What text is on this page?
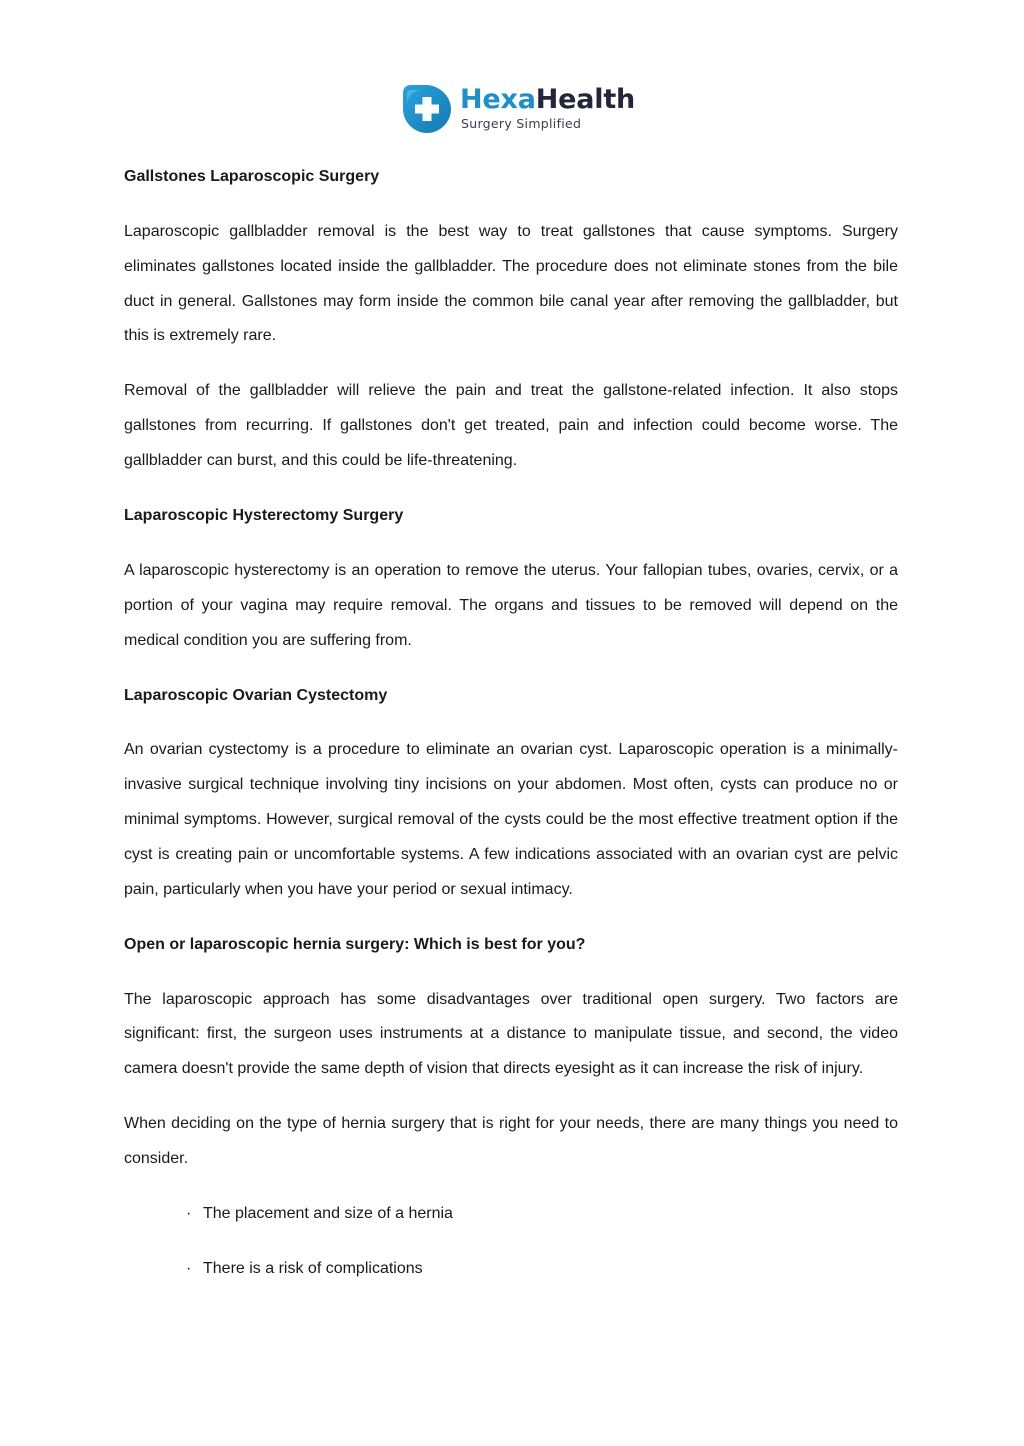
HexaHealth
Surgery Simplified
Gallstones Laparoscopic Surgery

Laparoscopic gallbladder removal is the best way to treat gallstones that cause symptoms. Surgery eliminates gallstones located inside the gallbladder. The procedure does not eliminate stones from the bile duct in general. Gallstones may form inside the common bile canal year after removing the gallbladder, but this is extremely rare.

Removal of the gallbladder will relieve the pain and treat the gallstone-related infection. It also stops gallstones from recurring. If gallstones don't get treated, pain and infection could become worse. The gallbladder can burst, and this could be life-threatening.

Laparoscopic Hysterectomy Surgery

A laparoscopic hysterectomy is an operation to remove the uterus. Your fallopian tubes, ovaries, cervix, or a portion of your vagina may require removal. The organs and tissues to be removed will depend on the medical condition you are suffering from.

Laparoscopic Ovarian Cystectomy

An ovarian cystectomy is a procedure to eliminate an ovarian cyst. Laparoscopic operation is a minimally-invasive surgical technique involving tiny incisions on your abdomen. Most often, cysts can produce no or minimal symptoms. However, surgical removal of the cysts could be the most effective treatment option if the cyst is creating pain or uncomfortable systems. A few indications associated with an ovarian cyst are pelvic pain, particularly when you have your period or sexual intimacy.

Open or laparoscopic hernia surgery: Which is best for you?

The laparoscopic approach has some disadvantages over traditional open surgery. Two factors are significant: first, the surgeon uses instruments at a distance to manipulate tissue, and second, the video camera doesn't provide the same depth of vision that directs eyesight as it can increase the risk of injury.

When deciding on the type of hernia surgery that is right for your needs, there are many things you need to consider.

· The placement and size of a hernia
· There is a risk of complications
